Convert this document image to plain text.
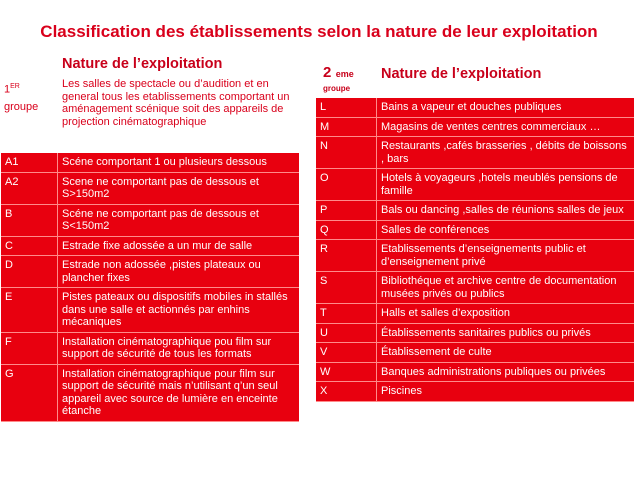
Classification des établissements selon la nature de leur exploitation
1ER
groupe
Nature de l’exploitation
Les salles de spectacle ou d’audition et en general tous les etablissements comportant un aménagement scénique soit des appareils de projection cinématographique
2 eme
groupe
Nature de l’exploitation
A1	Scéne comportant 1 ou plusieurs dessous
A2	Scene ne comportant pas de dessous et S>150m2
B	Scéne ne comportant pas de dessous et S<150m2
C	Estrade fixe adossée a un mur de salle
D	Estrade non adossée ,pistes plateaux ou plancher fixes
E	Pistes pateaux ou dispositifs mobiles in stallés dans une salle et actionnés par enhins mécaniques
F	Installation cinématographique pou film sur support de sécurité de tous les formats
G	Installation cinématographique pour film sur support de sécurité mais n’utilisant q’un seul appareil avec source de lumière en enceinte étanche
L	Bains a vapeur et douches publiques
M	Magasins de ventes centres commerciaux …
N	Restaurants ,cafés brasseries , débits de boissons , bars
O	Hotels à voyageurs ,hotels meublés pensions de famille
P	Bals ou dancing ,salles de réunions salles de jeux
Q	Salles de conférences
R	Etablissements d’enseignements public et d’enseignement privé
S	Bibliothéque et archive centre de documentation musées privés ou publics
T	Halls et salles d’exposition
U	Établissements sanitaires publics ou privés
V	Établissement de culte
W	Banques administrations publiques ou privées
X	Piscines
